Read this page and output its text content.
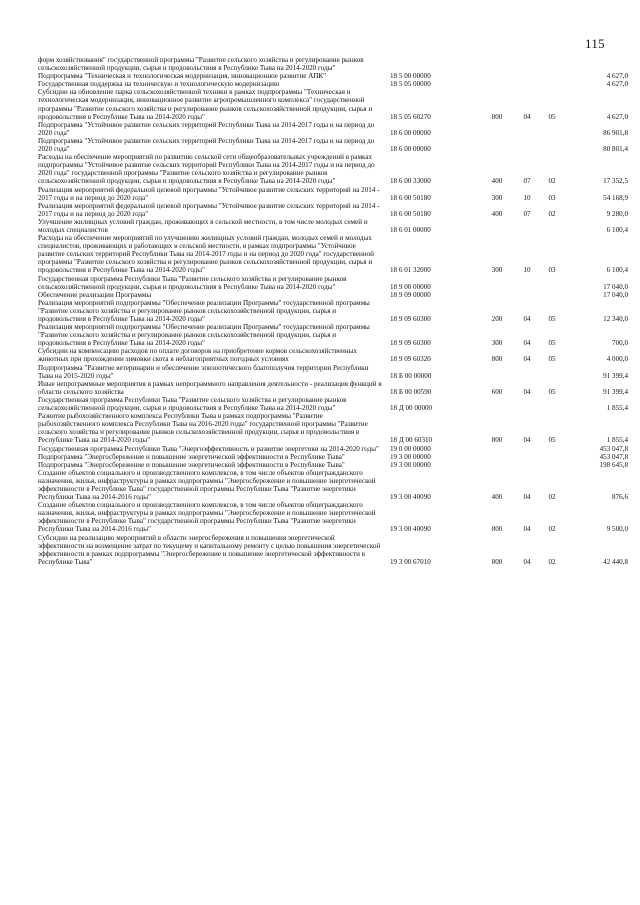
115
форм хозяйствования" государственной программы "Развитие сельского хозяйства и регулирование рынков сельскохозяйственной продукции, сырья и продовольствия в Республике Тыва на 2014-2020 годы"
Подпрограмма "Техническая и технологическая модернизация, инновационное развитие АПК"	18 5 00 00000	4 627,0
Государственная поддержка на техническую и технологическую модернизацию	18 5 05 00000	4 627,0
Субсидии на обновление парка сельскохозяйственной техники в рамках подпрограммы "Техническая и технологическая модернизация, инновационное развитие агропромышленного комплекса" государственной программы "Развитие сельского хозяйства и регулирование рынков сельскохозяйственной продукции, сырья и продовольствия в Республике Тыва на 2014-2020 годы"	18 5 05 60270	800	04	05	4 627,0
Подпрограмма "Устойчивое развитие сельских территорий Республики Тыва на 2014-2017 годы и на период до 2020 года"	18 6 00 00000	86 901,8
Подпрограмма "Устойчивое развитие сельских территорий Республики Тыва на 2014-2017 годы и на период до 2020 года"	18 6 00 00000	80 801,4
Расходы на обеспечение мероприятий по развитию сельской сети общеобразовательных учреждений в рамках подпрограммы "Устойчивое развитие сельских территорий Республики Тыва на 2014-2017 годы и на период до 2020 года" государственной программы "Развитие сельского хозяйства и регулирование рынков сельскохозяйственной продукции, сырья и продовольствия в Республике Тыва на 2014-2020 годы"	18 6 00 33000	400	07	02	17 352,5
Реализация мероприятий федеральной целевой программы "Устойчивое развитие сельских территорий на 2014 - 2017 годы и на период до 2020 года"	18 6 00 50180	300	10	03	54 168,9
Реализация мероприятий федеральной целевой программы "Устойчивое развитие сельских территорий на 2014 - 2017 годы и на период до 2020 года"	18 6 00 50180	400	07	02	9 280,0
Улучшение жилищных условий граждан, проживающих в сельской местности, в том числе молодых семей и молодых специалистов	18 6 01 00000	6 100,4
Расходы на обеспечение мероприятий по улучшению жилищных условий граждан, молодых семей и молодых специалистов, проживающих и работающих в сельской местности, в рамках подпрограммы "Устойчивое развитие сельских территорий Республики Тыва на 2014-2017 годы и на период до 2020 года" государственной программы "Развитие сельского хозяйства и регулирование рынков сельскохозяйственной продукции, сырья и продовольствия в Республике Тыва на 2014-2020 годы"	18 6 01 32000	300	10	03	6 100,4
Государственная программа Республики Тыва "Развитие сельского хозяйства и регулирование рынков сельскохозяйственной продукции, сырья и продовольствия в Республике Тыва на 2014-2020 годы"	18 9 00 00000	17 040,0
Обеспечение реализации Программы	18 9 09 00000	17 040,0
Реализация мероприятий подпрограммы "Обеспечение реализации Программы" государственной программы "Развитие сельского хозяйства и регулирование рынков сельскохозяйственной продукции, сырья и продовольствия в Республике Тыва на 2014-2020 годы"	18 9 09 60300	200	04	05	12 340,0
Реализация мероприятий подпрограммы "Обеспечение реализации Программы" государственной программы "Развитие сельского хозяйства и регулирование рынков сельскохозяйственной продукции, сырья и продовольствия в Республике Тыва на 2014-2020 годы"	18 9 09 60300	300	04	05	700,0
Субсидии на компенсацию расходов по оплате договоров на приобретение кормов сельскохозяйственных животных при прохождении зимовки скота в неблагоприятных погодных условиях	18 9 09 60320	800	04	05	4 000,0
Подпрограмма "Развитие ветеринарии и обеспечение эпизоотического благополучия территории Республики Тыва на 2015-2020 годы"	18 Б 00 00000	91 399,4
Иные непрограммные мероприятия в рамках непрограммного направления деятельности - реализация функций в области сельского хозяйства	18 Б 00 00590	600	04	05	91 399,4
Государственная программа Республики Тыва "Развитие сельского хозяйства и регулирование рынков сельскохозяйственной продукции, сырья и продовольствия в Республике Тыва на 2014-2020 годы"	18 Д 00 00000	1 855,4
Развитие рыбохозяйственного комплекса Республики Тыва в рамках подпрограммы "Развитие рыбохозяйственного комплекса Республики Тыва на 2016-2020 годы" государственной программы "Развитие сельского хозяйства и регулирование рынков сельскохозяйственной продукции, сырья и продовольствия в Республике Тыва на 2014-2020 годы"	18 Д 00 60310	800	04	05	1 855,4
Государственная программа Республики Тыва "Энергоэффективность и развитие энергетики на 2014-2020 годы"	19 0 00 00000	453 047,8
Подпрограмма "Энергосбережение и повышение энергетической эффективности в Республике Тыва"	19 3 00 00000	453 047,8
Подпрограмма "Энергосбережение и повышение энергетической эффективности в Республике Тыва"	19 3 00 00000	198 645,8
Создание объектов социального и производственного комплексов, в том числе объектов общегражданского назначения, жилья, инфраструктуры в рамках подпрограммы "Энергосбережение и повышение энергетической эффективности в Республике Тыва" государственной программы Республики Тыва "Развитие энергетики Республики Тыва на 2014-2016 годы"	19 3 00 40090	400	04	02	876,6
Создание объектов социального и производственного комплексов, в том числе объектов общегражданского назначения, жилья, инфраструктуры в рамках подпрограммы "Энергосбережение и повышение энергетической эффективности в Республике Тыва" государственной программы Республики Тыва "Развитие энергетики Республики Тыва на 2014-2016 годы"	19 3 00 40090	800	04	02	9 500,0
Субсидии на реализацию мероприятий в области энергосбережения и повышения энергетической эффективности на возмещение затрат по текущему и капитальному ремонту с целью повышения энергетической эффективности в рамках подпрограммы "Энергосбережение и повышение энергетической эффективности в Республике Тыва"	19 3 00 67010	800	04	02	42 440,8
